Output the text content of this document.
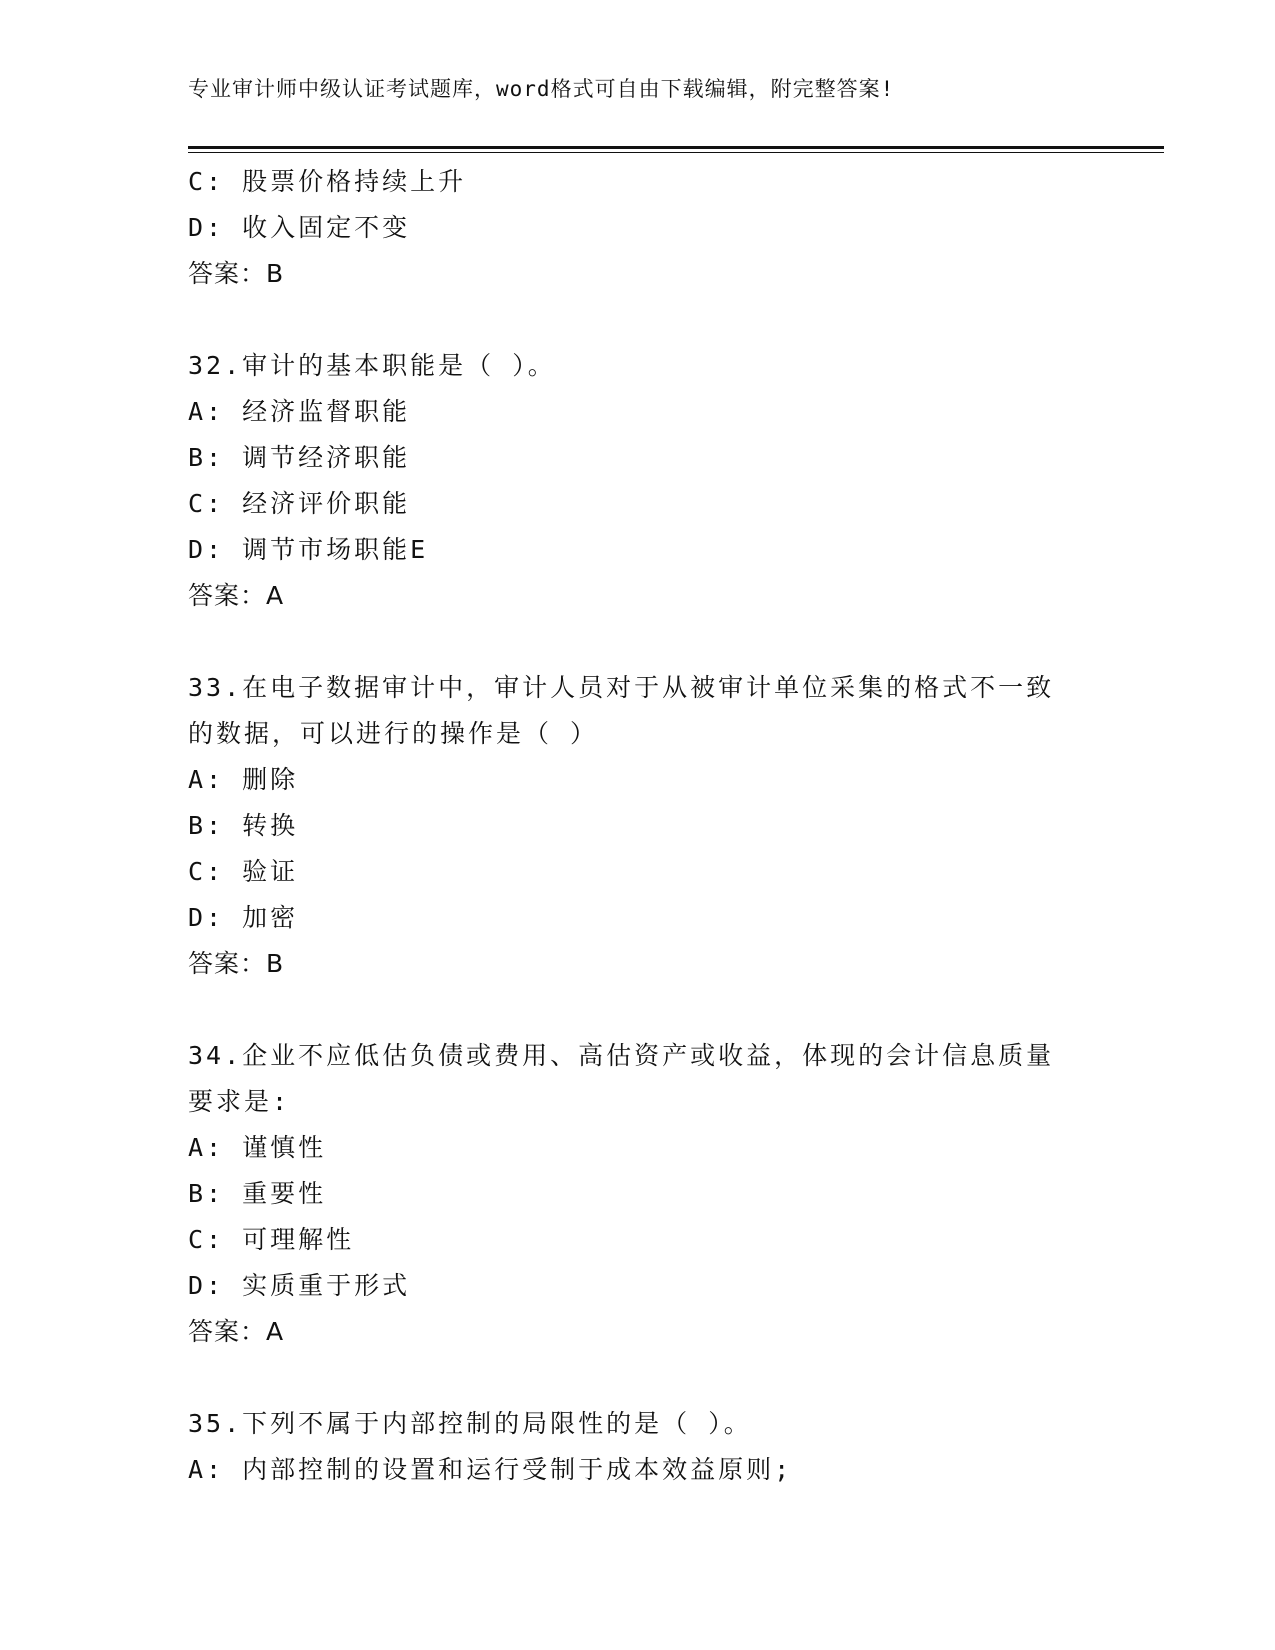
专业审计师中级认证考试题库，word格式可自由下载编辑，附完整答案!
C: 股票价格持续上升
D: 收入固定不变
答案：B
32.审计的基本职能是（ ）。
A: 经济监督职能
B: 调节经济职能
C: 经济评价职能
D: 调节市场职能E
答案：A
33.在电子数据审计中，审计人员对于从被审计单位采集的格式不一致
的数据，可以进行的操作是（ ）
A: 删除
B: 转换
C: 验证
D: 加密
答案：B
34.企业不应低估负债或费用、高估资产或收益，体现的会计信息质量
要求是:
A: 谨慎性
B: 重要性
C: 可理解性
D: 实质重于形式
答案：A
35.下列不属于内部控制的局限性的是（ ）。
A: 内部控制的设置和运行受制于成本效益原则;
